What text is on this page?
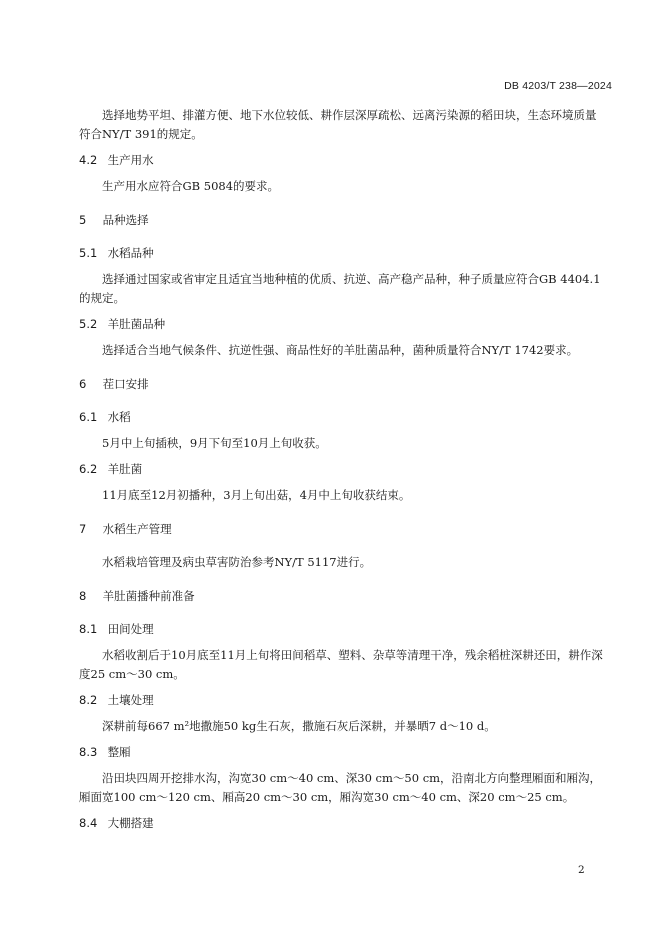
DB 4203/T 238—2024

选择地势平坦、排灌方便、地下水位较低、耕作层深厚疏松、远离污染源的稻田块，生态环境质量符合NY/T 391的规定。

4.2 生产用水

生产用水应符合GB 5084的要求。

5 品种选择
5.1 水稻品种

选择通过国家或省审定且适宜当地种植的优质、抗逆、高产稳产品种，种子质量应符合GB 4404.1的规定。

5.2 羊肚菌品种

选择适合当地气候条件、抗逆性强、商品性好的羊肚菌品种，菌种质量符合NY/T 1742要求。

6 茬口安排
6.1 水稻

5月中上旬插秧，9月下旬至10月上旬收获。

6.2 羊肚菌

11月底至12月初播种，3月上旬出菇，4月中上旬收获结束。

7 水稻生产管理

水稻栽培管理及病虫草害防治参考NY/T 5117进行。

8 羊肚菌播种前准备
8.1 田间处理

水稻收割后于10月底至11月上旬将田间稻草、塑料、杂草等清理干净，残余稻桩深耕还田，耕作深度25 cm～30 cm。

8.2 土壤处理

深耕前每667 m²地撒施50 kg生石灰，撒施石灰后深耕，并暴晒7 d～10 d。

8.3 整厢

沿田块四周开挖排水沟，沟宽30 cm～40 cm、深30 cm～50 cm，沿南北方向整理厢面和厢沟，厢面宽100 cm～120 cm、厢高20 cm～30 cm，厢沟宽30 cm～40 cm、深20 cm～25 cm。

8.4 大棚搭建
2
